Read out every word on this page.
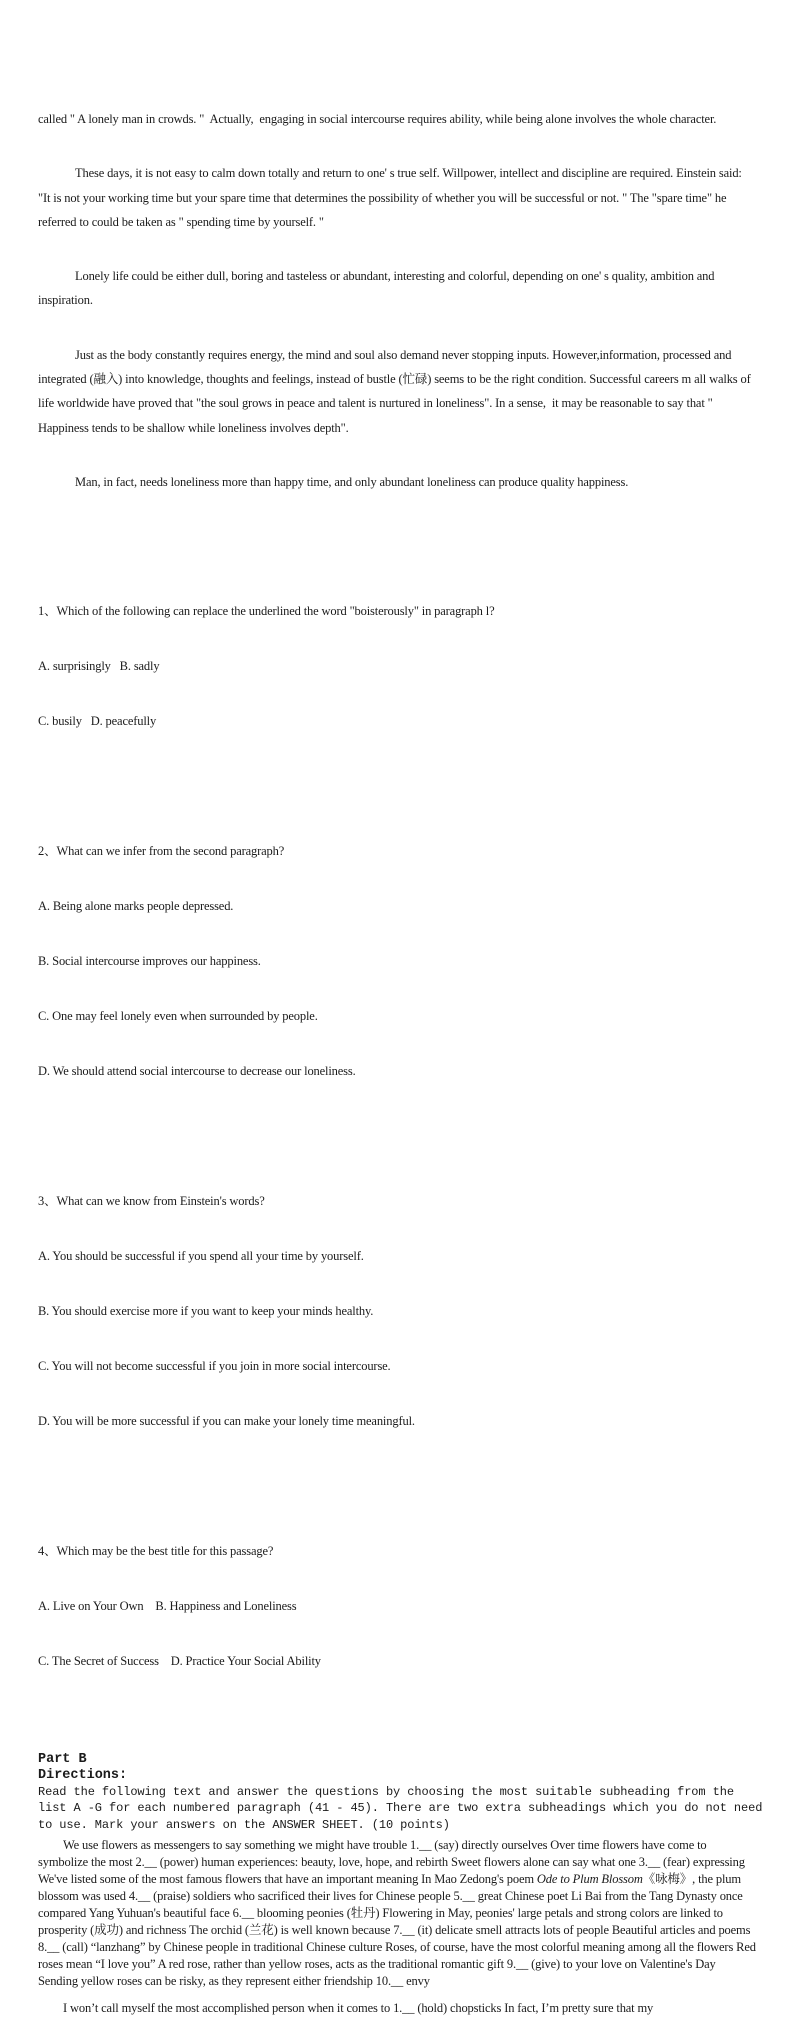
called " A lonely man in crowds. "  Actually,  engaging in social intercourse requires ability, while being alone involves the whole character.

These days, it is not easy to calm down totally and return to one' s true self. Willpower, intellect and discipline are required. Einstein said: "It is not your working time but your spare time that determines the possibility of whether you will be successful or not. " The "spare time" he referred to could be taken as " spending time by yourself. "

Lonely life could be either dull, boring and tasteless or abundant, interesting and colorful, depending on one' s quality, ambition and inspiration.

Just as the body constantly requires energy, the mind and soul also demand never stopping inputs. However,information, processed and integrated (融入) into knowledge, thoughts and feelings, instead of bustle (忙碌) seems to be the right condition. Successful careers m all walks of life worldwide have proved that "the soul grows in peace and talent is nurtured in loneliness". In a sense,  it may be reasonable to say that " Happiness tends to be shallow while loneliness involves depth".

Man, in fact, needs loneliness more than happy time, and only abundant loneliness can produce quality happiness.

1、Which of the following can replace the underlined the word "boisterously" in paragraph l?

A. surprisingly   B. sadly

C. busily   D. peacefully

2、What can we infer from the second paragraph?

A. Being alone marks people depressed.

B. Social intercourse improves our happiness.

C. One may feel lonely even when surrounded by people.

D. We should attend social intercourse to decrease our loneliness.

3、What can we know from Einstein's words?

A. You should be successful if you spend all your time by yourself.

B. You should exercise more if you want to keep your minds healthy.

C. You will not become successful if you join in more social intercourse.

D. You will be more successful if you can make your lonely time meaningful.

4、Which may be the best title for this passage?

A. Live on Your Own    B. Happiness and Loneliness

C. The Secret of Success    D. Practice Your Social Ability

Part B
Directions:
Read the following text and answer the questions by choosing the most suitable subheading from the
list A -G for each numbered paragraph (41 - 45). There are two extra subheadings which you do not need
to use. Mark your answers on the ANSWER SHEET. (10 points)

We use flowers as messengers to say something we might have trouble 1.__ (say) directly ourselves Over time flowers have come to symbolize the most 2.__ (power) human experiences: beauty, love, hope, and rebirth Sweet flowers alone can say what one 3.__ (fear) expressing We've listed some of the most famous flowers that have an important meaning In Mao Zedong's poem Ode to Plum Blossom《咏梅》, the plum blossom was used 4.__ (praise) soldiers who sacrificed their lives for Chinese people 5.__ great Chinese poet Li Bai from the Tang Dynasty once compared Yang Yuhuan's beautiful face 6.__ blooming peonies (牡丹) Flowering in May, peonies' large petals and strong colors are linked to prosperity (成功) and richness The orchid (兰花) is well known because 7.__ (it) delicate smell attracts lots of people Beautiful articles and poems 8.__ (call) “lanzhang” by Chinese people in traditional Chinese culture Roses, of course, have the most colorful meaning among all the flowers Red roses mean “I love you” A red rose, rather than yellow roses, acts as the traditional romantic gift 9.__ (give) to your love on Valentine's Day Sending yellow roses can be risky, as they represent either friendship 10.__ envy

I won’t call myself the most accomplished person when it comes to 1.__ (hold) chopsticks In fact, I’m pretty sure that my
